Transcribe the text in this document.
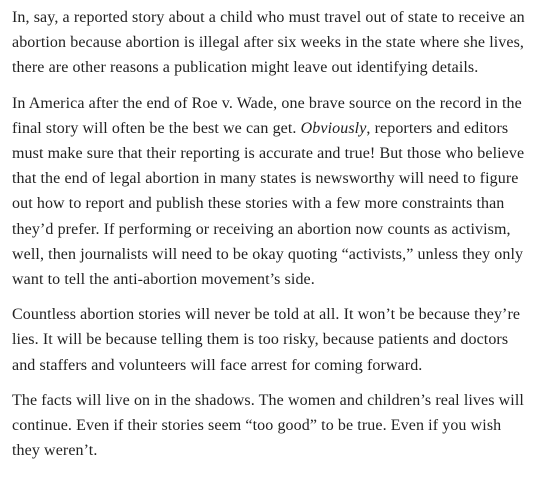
In, say, a reported story about a child who must travel out of state to receive an abortion because abortion is illegal after six weeks in the state where she lives, there are other reasons a publication might leave out identifying details.

In America after the end of Roe v. Wade, one brave source on the record in the final story will often be the best we can get. Obviously, reporters and editors must make sure that their reporting is accurate and true! But those who believe that the end of legal abortion in many states is newsworthy will need to figure out how to report and publish these stories with a few more constraints than they’d prefer. If performing or receiving an abortion now counts as activism, well, then journalists will need to be okay quoting “activists,” unless they only want to tell the anti-abortion movement’s side.

Countless abortion stories will never be told at all. It won’t be because they’re lies. It will be because telling them is too risky, because patients and doctors and staffers and volunteers will face arrest for coming forward.

The facts will live on in the shadows. The women and children’s real lives will continue. Even if their stories seem “too good” to be true. Even if you wish they weren’t.
